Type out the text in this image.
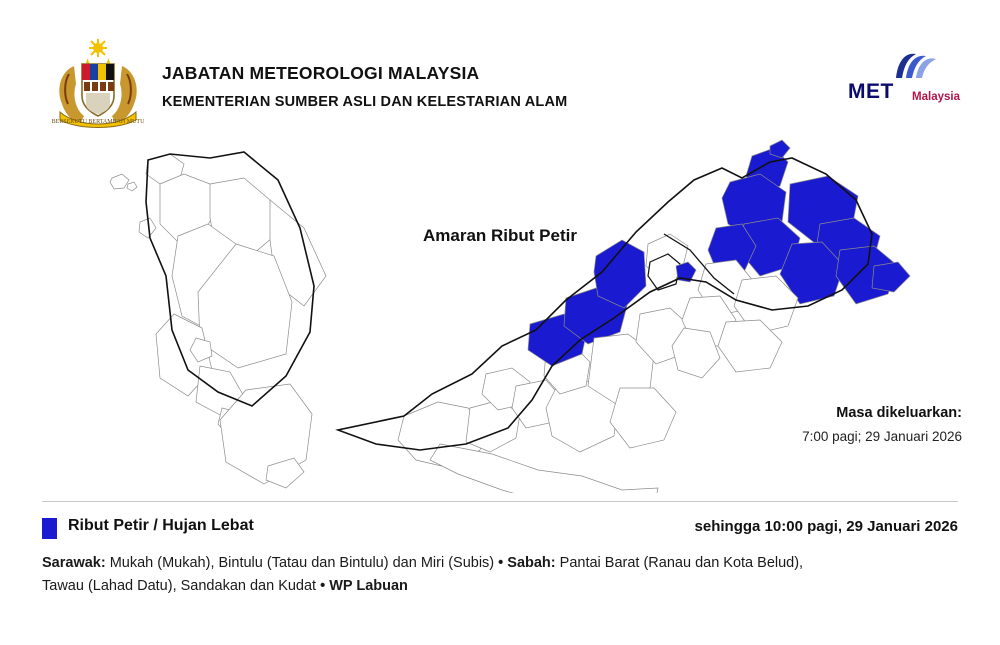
BERSEKUTU BERTAMBAH MUTU
JABATAN METEOROLOGI MALAYSIA
KEMENTERIAN SUMBER ASLI DAN KELESTARIAN ALAM	MET Malaysia
Amaran Ribut Petir
Masa dikeluarkan:
7:00 pagi; 29 Januari 2026
Ribut Petir / Hujan Lebat	sehingga 10:00 pagi, 29 Januari 2026
Sarawak: Mukah (Mukah), Bintulu (Tatau dan Bintulu) dan Miri (Subis) • Sabah: Pantai Barat (Ranau dan Kota Belud),
Tawau (Lahad Datu), Sandakan dan Kudat • WP Labuan
